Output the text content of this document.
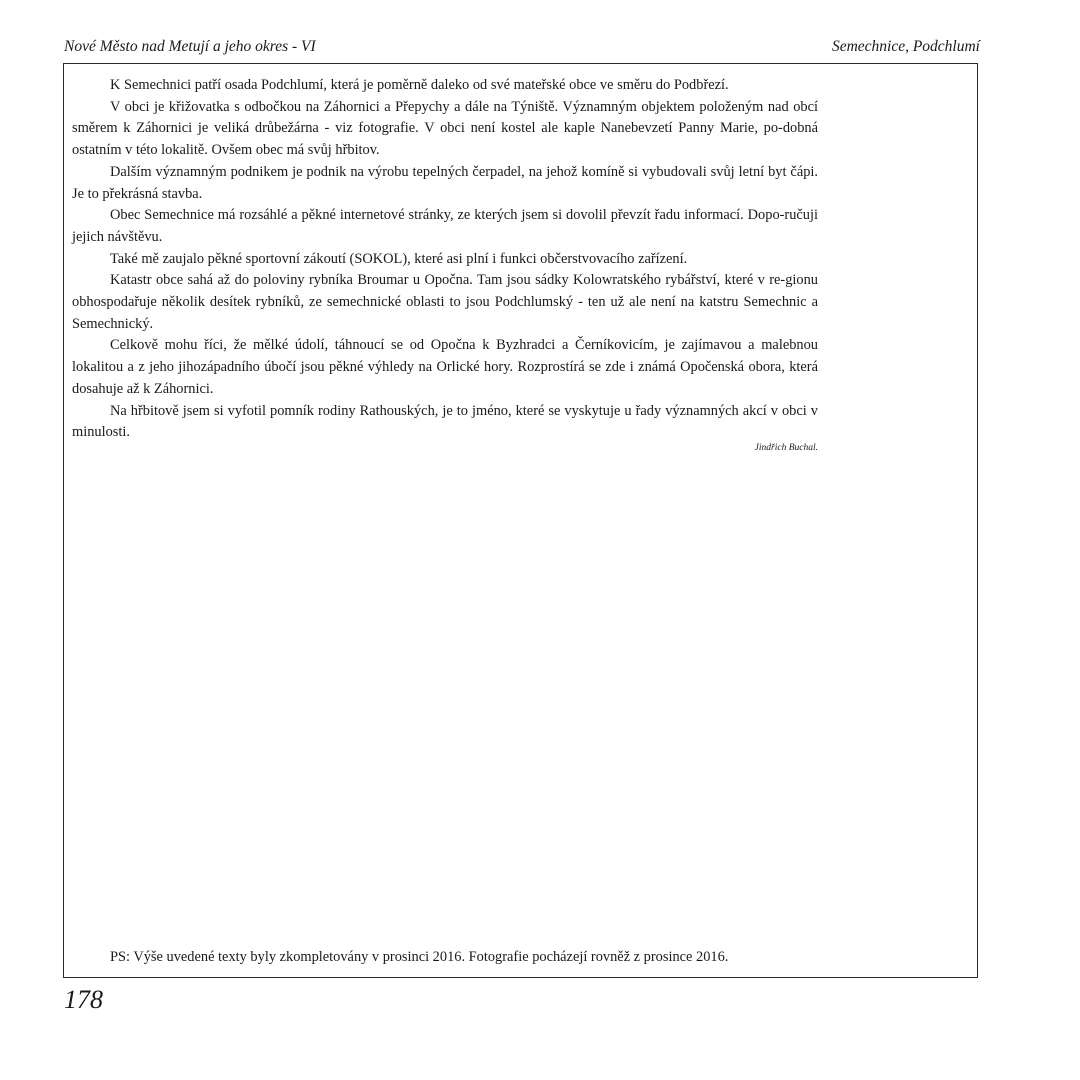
Nové Město nad Metují a jeho okres - VI	Semechnice, Podchlumí

K Semechnici patří osada Podchlumí, která je poměrně daleko od své mateřské obce ve směru do Podbřezí.

V obci je křižovatka s odbočkou na Záhornici a Přepychy a dále na Týniště. Významným objektem položeným nad obcí směrem k Záhornici je veliká drůbežárna - viz fotografie. V obci není kostel ale kaple Nanebevzetí Panny Marie, po-dobná ostatním v této lokalitě. Ovšem obec má svůj hřbitov.

Dalším významným podnikem je podnik na výrobu tepelných čerpadel, na jehož komíně si vybudovali svůj letní byt čápi. Je to překrásná stavba.

Obec Semechnice má rozsáhlé a pěkné internetové stránky, ze kterých jsem si dovolil převzít řadu informací. Dopo-ručuji jejich návštěvu.

Také mě zaujalo pěkné sportovní zákoutí (SOKOL), které asi plní i funkci občerstvovacího zařízení.

Katastr obce sahá až do poloviny rybníka Broumar u Opočna. Tam jsou sádky Kolowratského rybářství, které v re-gionu obhospodařuje několik desítek rybníků, ze semechnické oblasti to jsou Podchlumský - ten už ale není na katstru Semechnic a Semechnický.

Celkově mohu říci, že mělké údolí, táhnoucí se od Opočna k Byzhradci a Černíkovicím, je zajímavou a malebnou lokalitou a z jeho jihozápadního úbočí jsou pěkné výhledy na Orlické hory. Rozprostírá se zde i známá Opočenská obora, která dosahuje až k Záhornici.

Na hřbitově jsem si vyfotil pomník rodiny Rathouských, je to jméno, které se vyskytuje u řady významných akcí v obci v minulosti.

Jindřich Buchal.
PS: Výše uvedené texty byly zkompletovány v prosinci 2016. Fotografie pocházejí rovněž z prosince 2016.
178
